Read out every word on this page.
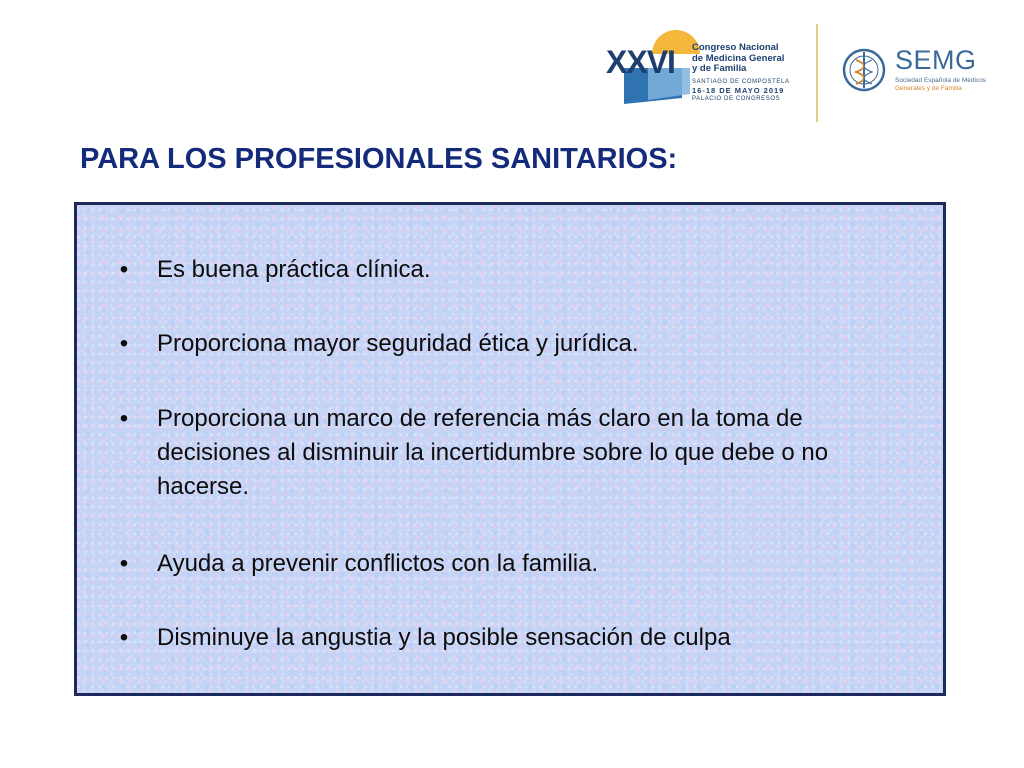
XXVI Congreso Nacional
de Medicina General
y de Familia
SANTIAGO DE COMPOSTELA
16-18 DE MAYO 2019
PALACIO DE CONGRESOS
SEMG
Sociedad Española de Médicos
Generales y de Familia
PARA LOS PROFESIONALES SANITARIOS:
• Es buena práctica clínica.
• Proporciona mayor seguridad ética y jurídica.
• Proporciona un marco de referencia más claro en la toma de decisiones al disminuir la incertidumbre sobre lo que debe o no hacerse.
• Ayuda a prevenir conflictos con la familia.
• Disminuye la angustia y la posible sensación de culpa
